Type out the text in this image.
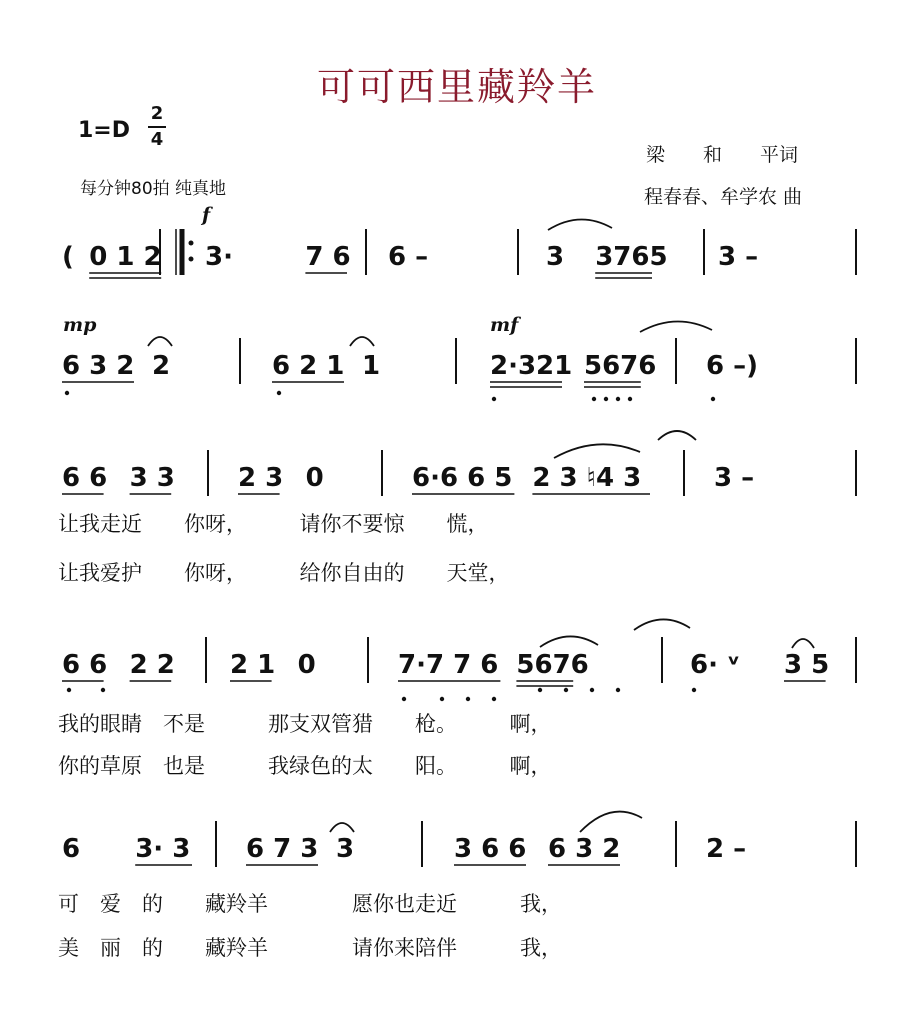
可可西里藏羚羊
1=D
2
4
每分钟80拍 纯真地
梁　　和　　平词
程春春、牟学农 曲
f
mp	mf
( 0 1 2 3·	7 6 6 –	3 3765 3 –
6 3 2 2	6 2 1 1	2·321 5676 6 –)
6 6 3 3 2 3 0	6·6 6 5 2 3 ♮4 3	3 –
6 6 2 2 2 1 0	7·7 7 6 5676	6· ᵛ 3 5
6 3· 3 6 7 3 3	3 6 6 6 3 2	2 –
让我走近　　你呀，　　　请你不要惊　　慌，
让我爱护　　你呀，　　　给你自由的　　天堂，
我的眼睛　不是　　　那支双管猎　　枪。　　　啊，
你的草原　也是　　　我绿色的太　　阳。　　　啊，
可　爱　的　　藏羚羊　　　　愿你也走近　　　我，
美　丽　的　　藏羚羊　　　　请你来陪伴　　　我，
